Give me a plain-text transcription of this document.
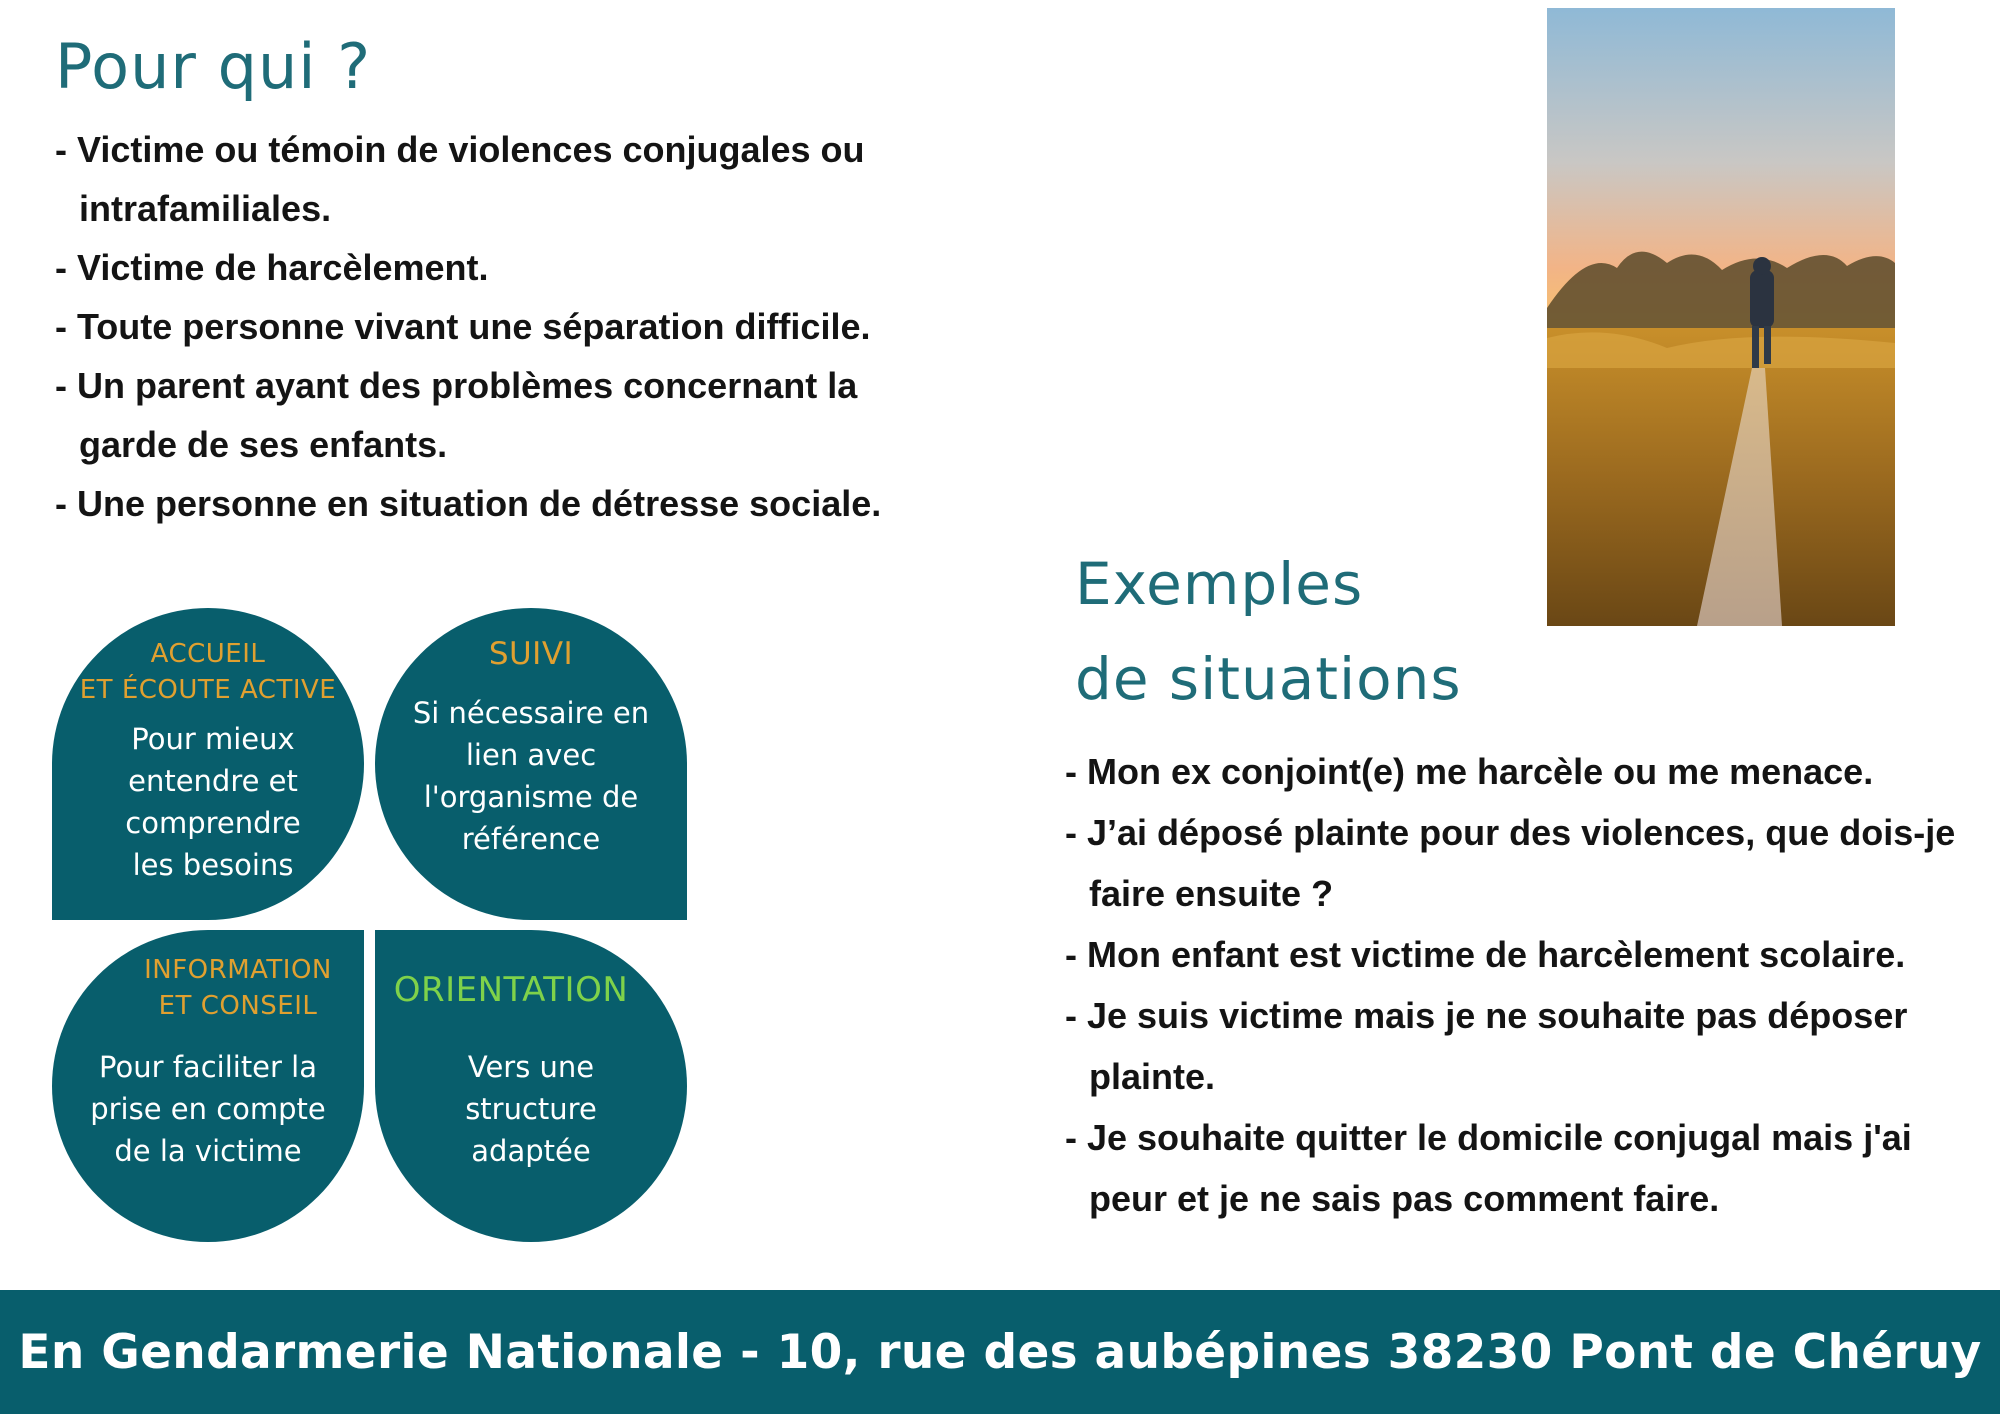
Pour qui ?
- Victime ou témoin de violences conjugales ou intrafamiliales.
- Victime de harcèlement.
- Toute personne vivant une séparation difficile.
- Un parent ayant des problèmes concernant la garde de ses enfants.
- Une personne en situation de détresse sociale.
Exemples
de situations
- Mon ex conjoint(e) me harcèle ou me menace.
- J’ai déposé plainte pour des violences, que dois-je faire ensuite ?
- Mon enfant est victime de harcèlement scolaire.
- Je suis victime mais je ne souhaite pas déposer plainte.
- Je souhaite quitter le domicile conjugal mais j'ai peur et je ne sais pas comment faire.

ACCUEIL
ET ÉCOUTE ACTIVE

Pour mieux entendre et comprendre les besoins

SUIVI

Si nécessaire en lien avec l'organisme de référence

INFORMATION
ET CONSEIL

Pour faciliter la prise en compte de la victime

ORIENTATION

Vers une structure adaptée

En Gendarmerie Nationale - 10, rue des aubépines 38230 Pont de Chéruy
